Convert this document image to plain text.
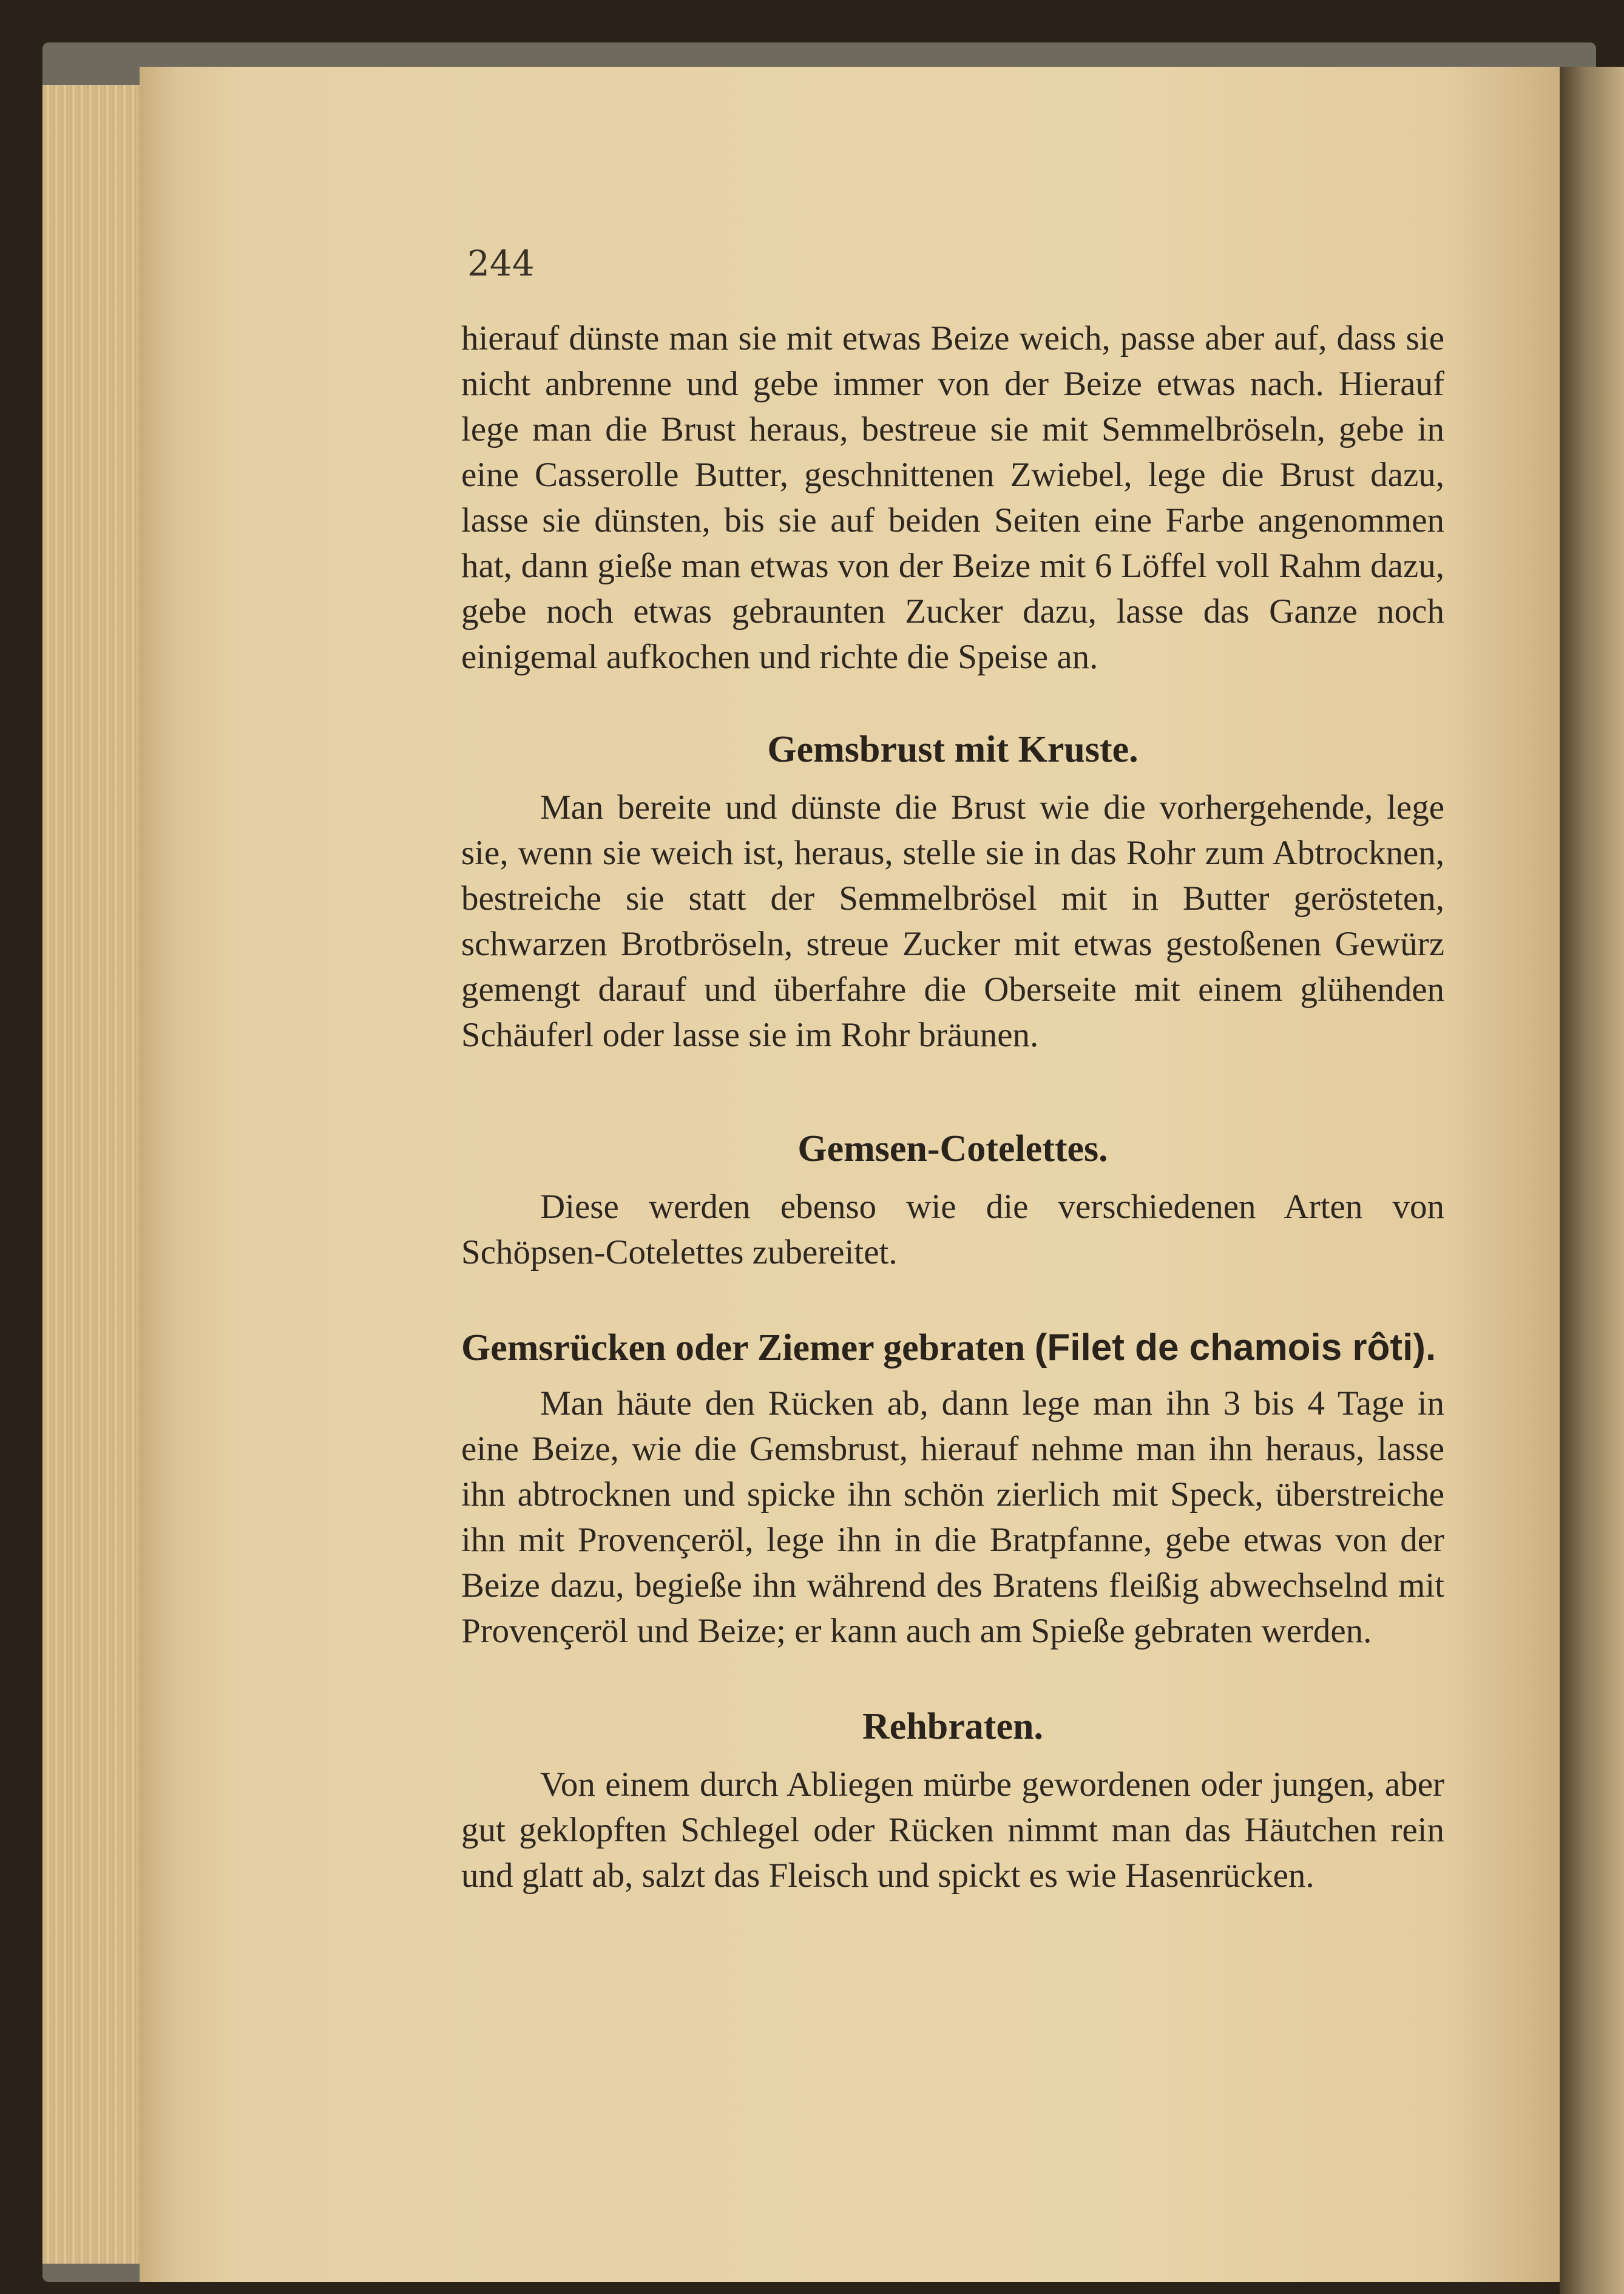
244

hierauf dünste man sie mit etwas Beize weich, passe aber auf, dass sie nicht anbrenne und gebe immer von der Beize etwas nach. Hierauf lege man die Brust heraus, bestreue sie mit Semmelbröseln, gebe in eine Casserolle Butter, geschnittenen Zwiebel, lege die Brust dazu, lasse sie dünsten, bis sie auf beiden Seiten eine Farbe angenommen hat, dann gieße man etwas von der Beize mit 6 Löffel voll Rahm dazu, gebe noch etwas gebraunten Zucker dazu, lasse das Ganze noch einigemal aufkochen und richte die Speise an.

Gemsbrust mit Kruste.

Man bereite und dünste die Brust wie die vorhergehende, lege sie, wenn sie weich ist, heraus, stelle sie in das Rohr zum Abtrocknen, bestreiche sie statt der Semmelbrösel mit in Butter gerösteten, schwarzen Brotbröseln, streue Zucker mit etwas gestoßenen Gewürz gemengt darauf und überfahre die Oberseite mit einem glühenden Schäuferl oder lasse sie im Rohr bräunen.

Gemsen-Cotelettes.

Diese werden ebenso wie die verschiedenen Arten von Schöpsen-Cotelettes zubereitet.

Gemsrücken oder Ziemer gebraten (Filet de chamois rôti).

Man häute den Rücken ab, dann lege man ihn 3 bis 4 Tage in eine Beize, wie die Gemsbrust, hierauf nehme man ihn heraus, lasse ihn abtrocknen und spicke ihn schön zierlich mit Speck, überstreiche ihn mit Provençeröl, lege ihn in die Bratpfanne, gebe etwas von der Beize dazu, begieße ihn während des Bratens fleißig abwechselnd mit Provençeröl und Beize; er kann auch am Spieße gebraten werden.

Rehbraten.

Von einem durch Abliegen mürbe gewordenen oder jungen, aber gut geklopften Schlegel oder Rücken nimmt man das Häutchen rein und glatt ab, salzt das Fleisch und spickt es wie Hasenrücken.
